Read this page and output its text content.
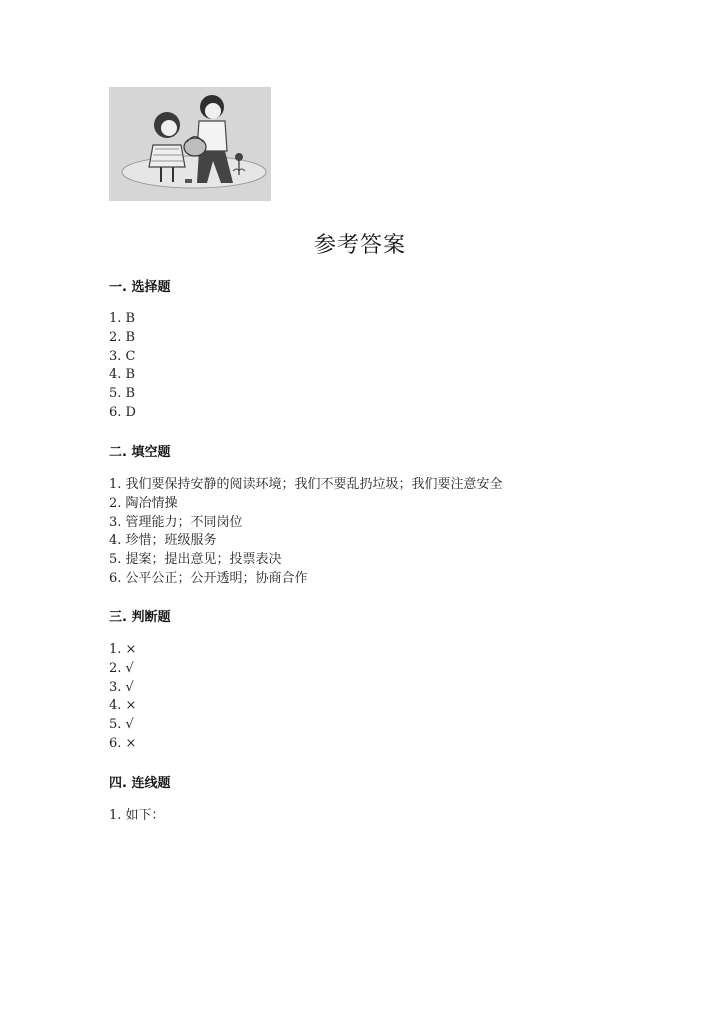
参考答案
一. 选择题
1. B
2. B
3. C
4. B
5. B
6. D
二. 填空题
1. 我们要保持安静的阅读环境；我们不要乱扔垃圾；我们要注意安全
2. 陶冶情操
3. 管理能力；不同岗位
4. 珍惜；班级服务
5. 提案；提出意见；投票表决
6. 公平公正；公开透明；协商合作
三. 判断题
1. ×
2. √
3. √
4. ×
5. √
6. ×
四. 连线题
1. 如下：
